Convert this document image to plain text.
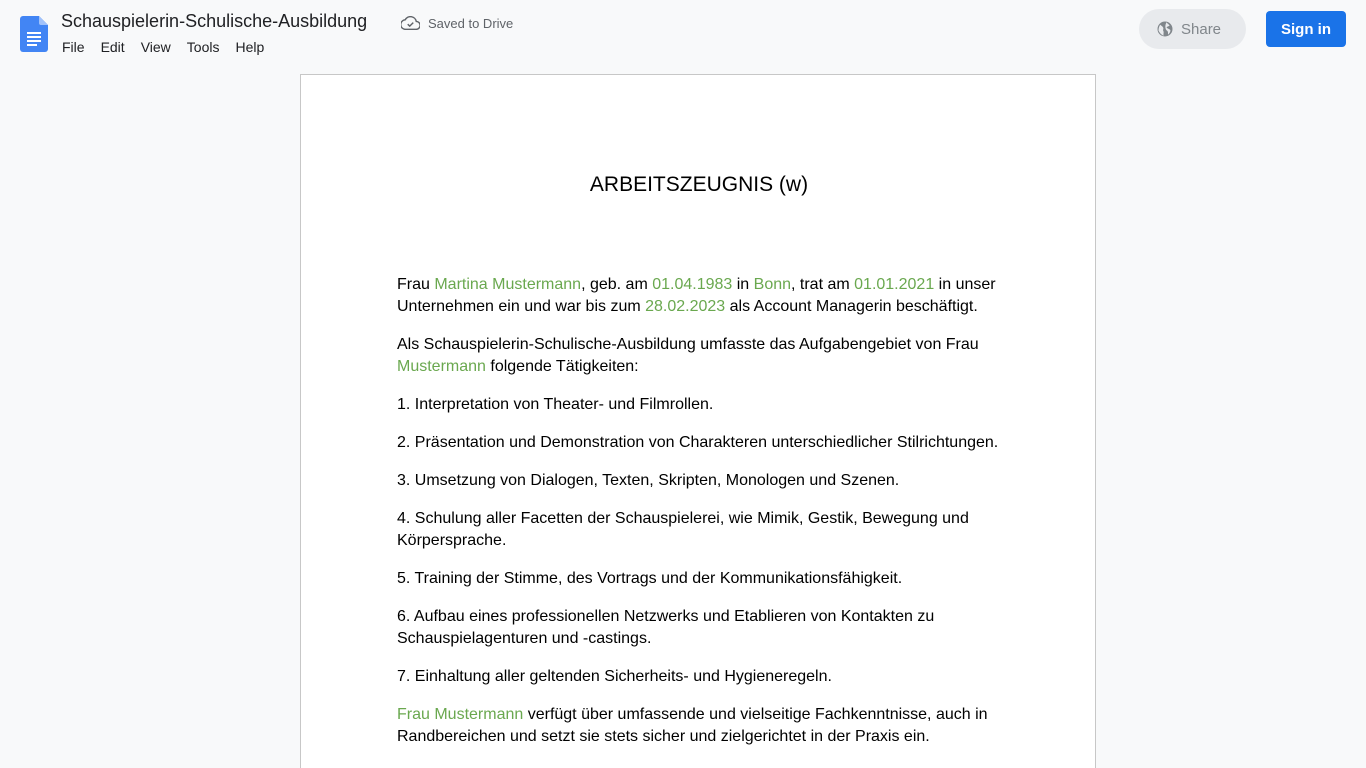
Schauspielerin-Schulische-Ausbildung	Saved to Drive
File	Edit	View	Tools	Help
Share	Sign in
ARBEITSZEUGNIS (w)

Frau Martina Mustermann, geb. am 01.04.1983 in Bonn, trat am 01.01.2021 in unser Unternehmen ein und war bis zum 28.02.2023 als Account Managerin beschäftigt.

Als Schauspielerin-Schulische-Ausbildung umfasste das Aufgabengebiet von Frau Mustermann folgende Tätigkeiten:

1. Interpretation von Theater- und Filmrollen.

2. Präsentation und Demonstration von Charakteren unterschiedlicher Stilrichtungen.

3. Umsetzung von Dialogen, Texten, Skripten, Monologen und Szenen.

4. Schulung aller Facetten der Schauspielerei, wie Mimik, Gestik, Bewegung und Körpersprache.

5. Training der Stimme, des Vortrags und der Kommunikationsfähigkeit.

6. Aufbau eines professionellen Netzwerks und Etablieren von Kontakten zu Schauspielagenturen und -castings.

7. Einhaltung aller geltenden Sicherheits- und Hygieneregeln.

Frau Mustermann verfügt über umfassende und vielseitige Fachkenntnisse, auch in Randbereichen und setzt sie stets sicher und zielgerichtet in der Praxis ein.
